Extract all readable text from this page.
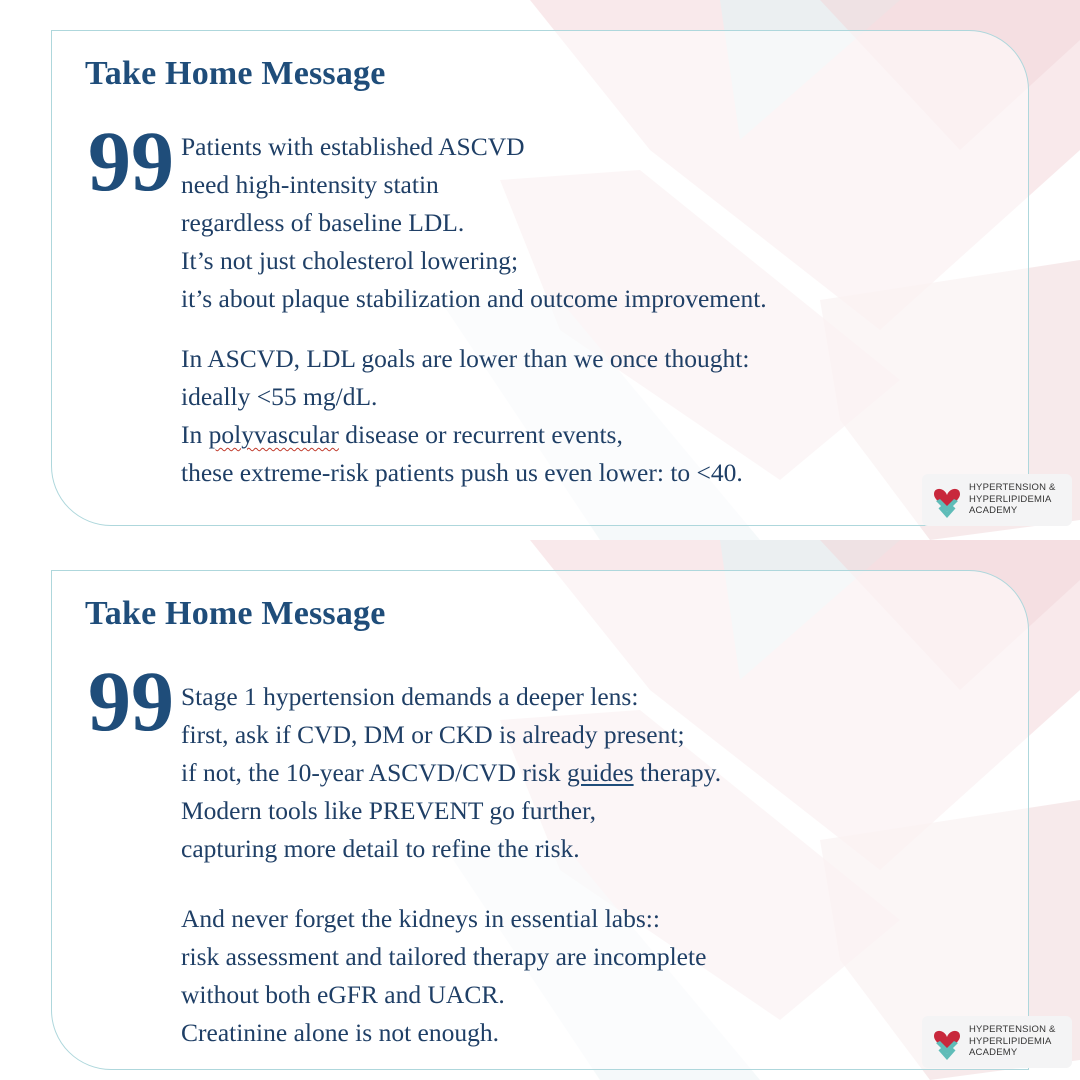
Take Home Message
99 Patients with established ASCVD
need high-intensity statin
regardless of baseline LDL.
It’s not just cholesterol lowering;
it’s about plaque stabilization and outcome improvement.
In ASCVD, LDL goals are lower than we once thought:
ideally <55 mg/dL.
In polyvascular disease or recurrent events,
these extreme-risk patients push us even lower: to <40.
HYPERTENSION &
HYPERLIPIDEMIA
ACADEMY
Take Home Message
99 Stage 1 hypertension demands a deeper lens:
first, ask if CVD, DM or CKD is already present;
if not, the 10-year ASCVD/CVD risk guides therapy.
Modern tools like PREVENT go further,
capturing more detail to refine the risk.
And never forget the kidneys in essential labs::
risk assessment and tailored therapy are incomplete
without both eGFR and UACR.
Creatinine alone is not enough.	HYPERTENSION &
HYPERLIPIDEMIA
ACADEMY
